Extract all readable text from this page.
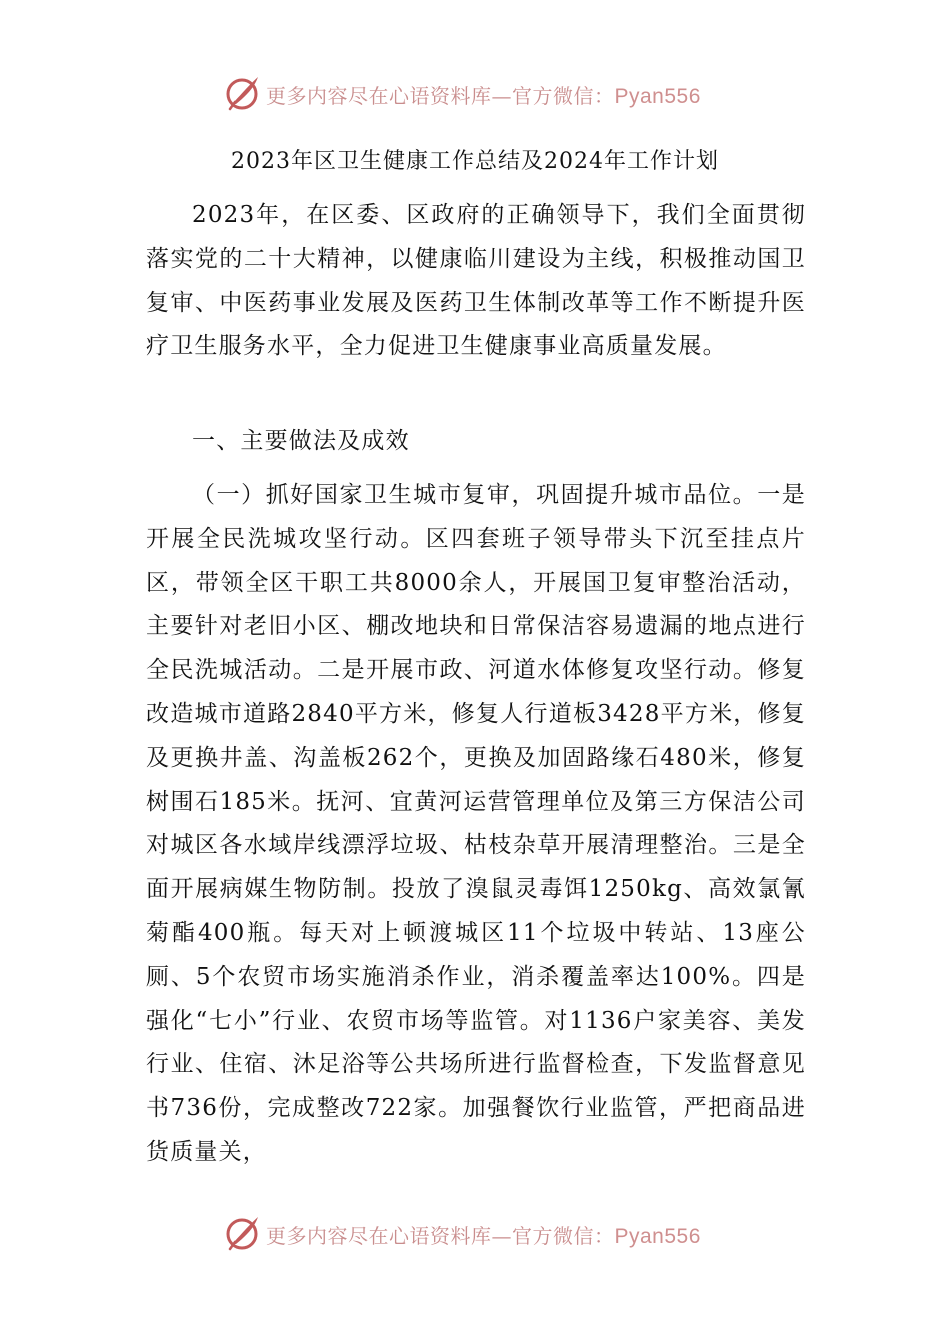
更多内容尽在心语资料库—官方微信：Pyan556
2023年区卫生健康工作总结及2024年工作计划

2023年，在区委、区政府的正确领导下，我们全面贯彻落实党的二十大精神，以健康临川建设为主线，积极推动国卫复审、中医药事业发展及医药卫生体制改革等工作不断提升医疗卫生服务水平，全力促进卫生健康事业高质量发展。

一、主要做法及成效

（一）抓好国家卫生城市复审，巩固提升城市品位。一是开展全民洗城攻坚行动。区四套班子领导带头下沉至挂点片区，带领全区干职工共8000余人，开展国卫复审整治活动，主要针对老旧小区、棚改地块和日常保洁容易遗漏的地点进行全民洗城活动。二是开展市政、河道水体修复攻坚行动。修复改造城市道路2840平方米，修复人行道板3428平方米，修复及更换井盖、沟盖板262个，更换及加固路缘石480米，修复树围石185米。抚河、宜黄河运营管理单位及第三方保洁公司对城区各水域岸线漂浮垃圾、枯枝杂草开展清理整治。三是全面开展病媒生物防制。投放了溴鼠灵毒饵1250kg、高效氯氰菊酯400瓶。每天对上顿渡城区11个垃圾中转站、13座公厕、5个农贸市场实施消杀作业，消杀覆盖率达100%。四是强化“七小”行业、农贸市场等监管。对1136户家美容、美发行业、住宿、沐足浴等公共场所进行监督检查，下发监督意见书736份，完成整改722家。加强餐饮行业监管，严把商品进货质量关，

更多内容尽在心语资料库—官方微信：Pyan556
